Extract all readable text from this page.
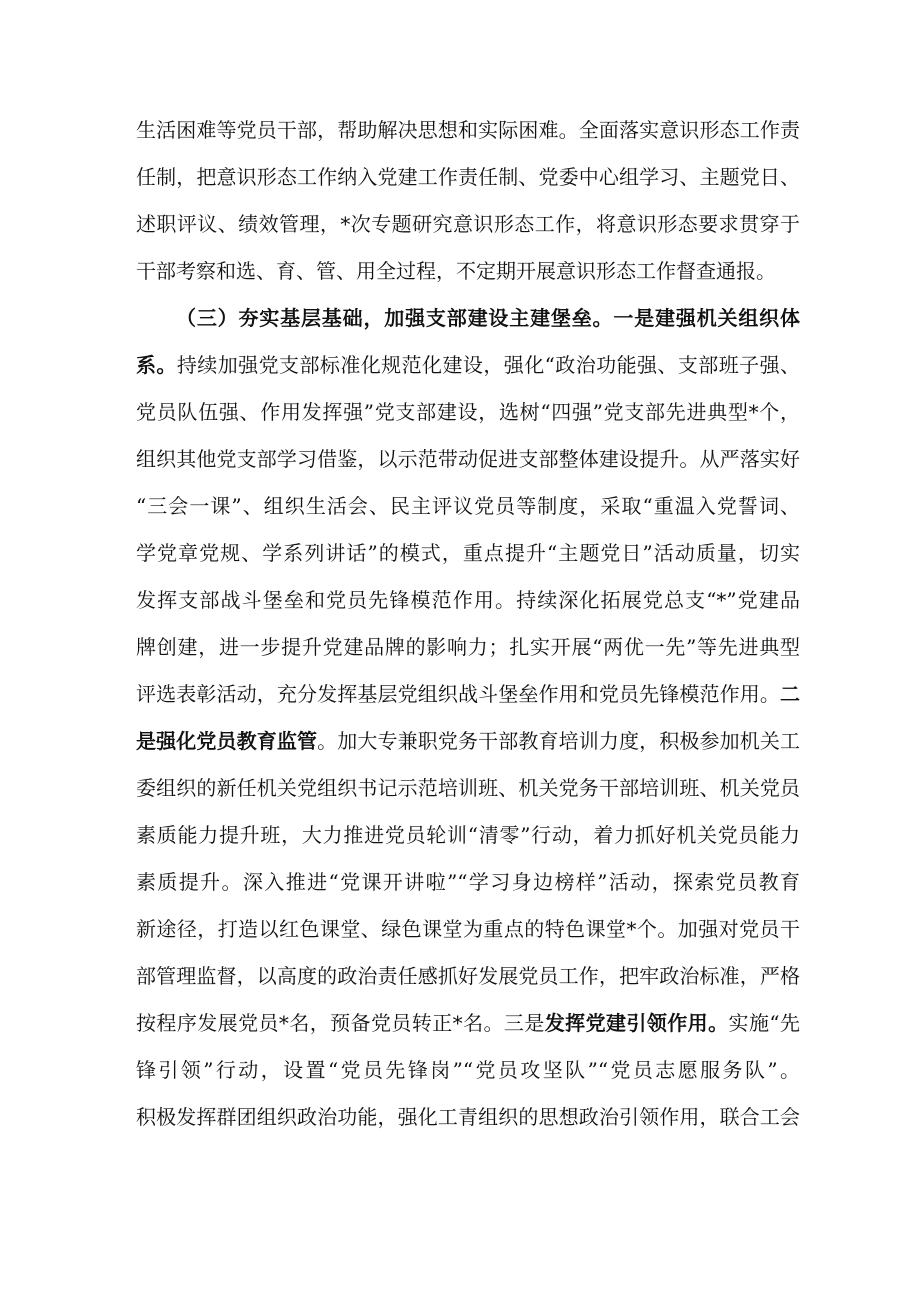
生活困难等党员干部，帮助解决思想和实际困难。全面落实意识形态工作责
任制，把意识形态工作纳入党建工作责任制、党委中心组学习、主题党日、
述职评议、绩效管理，*次专题研究意识形态工作，将意识形态要求贯穿于
干部考察和选、育、管、用全过程，不定期开展意识形态工作督查通报。
（三）夯实基层基础，加强支部建设主建堡垒。一是建强机关组织体
系。持续加强党支部标准化规范化建设，强化“政治功能强、支部班子强、
党员队伍强、作用发挥强”党支部建设，选树“四强”党支部先进典型*个，
组织其他党支部学习借鉴，以示范带动促进支部整体建设提升。从严落实好
“三会一课”、组织生活会、民主评议党员等制度，采取“重温入党誓词、
学党章党规、学系列讲话”的模式，重点提升“主题党日”活动质量，切实
发挥支部战斗堡垒和党员先锋模范作用。持续深化拓展党总支“*”党建品
牌创建，进一步提升党建品牌的影响力；扎实开展“两优一先”等先进典型
评选表彰活动，充分发挥基层党组织战斗堡垒作用和党员先锋模范作用。二
是强化党员教育监管。加大专兼职党务干部教育培训力度，积极参加机关工
委组织的新任机关党组织书记示范培训班、机关党务干部培训班、机关党员
素质能力提升班，大力推进党员轮训“清零”行动，着力抓好机关党员能力
素质提升。深入推进“党课开讲啦”“学习身边榜样”活动，探索党员教育
新途径，打造以红色课堂、绿色课堂为重点的特色课堂*个。加强对党员干
部管理监督，以高度的政治责任感抓好发展党员工作，把牢政治标准，严格
按程序发展党员*名，预备党员转正*名。三是发挥党建引领作用。实施“先
锋引领”行动，设置“党员先锋岗”“党员攻坚队”“党员志愿服务队”。
积极发挥群团组织政治功能，强化工青组织的思想政治引领作用，联合工会
